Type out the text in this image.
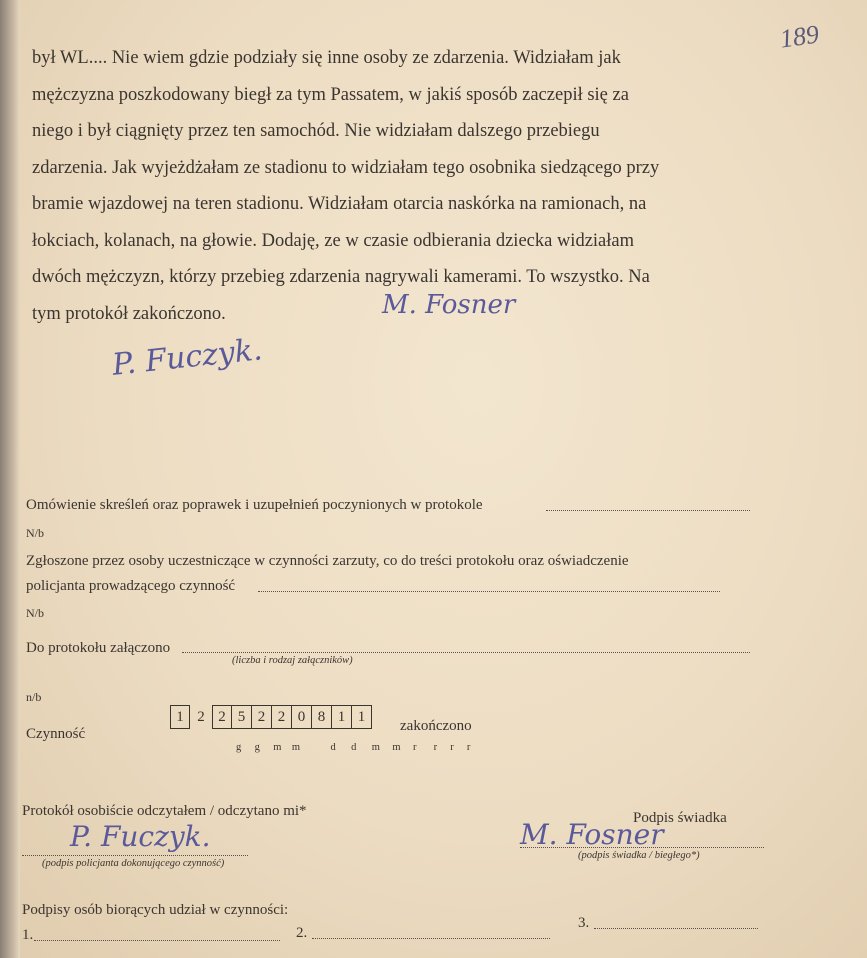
189
był WL.... Nie wiem gdzie podziały się inne osoby ze zdarzenia. Widziałam jak
mężczyzna poszkodowany biegł za tym Passatem, w jakiś sposób zaczepił się za
niego i był ciągnięty przez ten samochód. Nie widziałam dalszego przebiegu
zdarzenia. Jak wyjeżdżałam ze stadionu to widziałam tego osobnika siedzącego przy
bramie wjazdowej na teren stadionu. Widziałam otarcia naskórka na ramionach, na
łokciach, kolanach, na głowie. Dodaję, ze w czasie odbierania dziecka widziałam
dwóch mężczyzn, którzy przebieg zdarzenia nagrywali kamerami. To wszystko. Na
tym protokół zakończono.	M. Fosner
P. Fuczyk.
Omówienie skreśleń oraz poprawek i uzupełnień poczynionych w protokole
N/b
Zgłoszone przez osoby uczestniczące w czynności zarzuty, co do treści protokołu oraz oświadczenie
policjanta prowadzącego czynność
N/b
Do protokołu załączono
(liczba i rodzaj załączników)
n/b
Czynność
1 2 2 5 2 2 0 8 1 1
zakończono
g g m m	d d m m r r r r
Protokół osobiście odczytałem / odczytano mi*	Podpis świadka
P. Fuczyk.
(podpis policjanta dokonującego czynność)
M. Fosner
(podpis świadka / biegłego*)
Podpisy osób biorących udział w czynności:
1.	2.
3.
